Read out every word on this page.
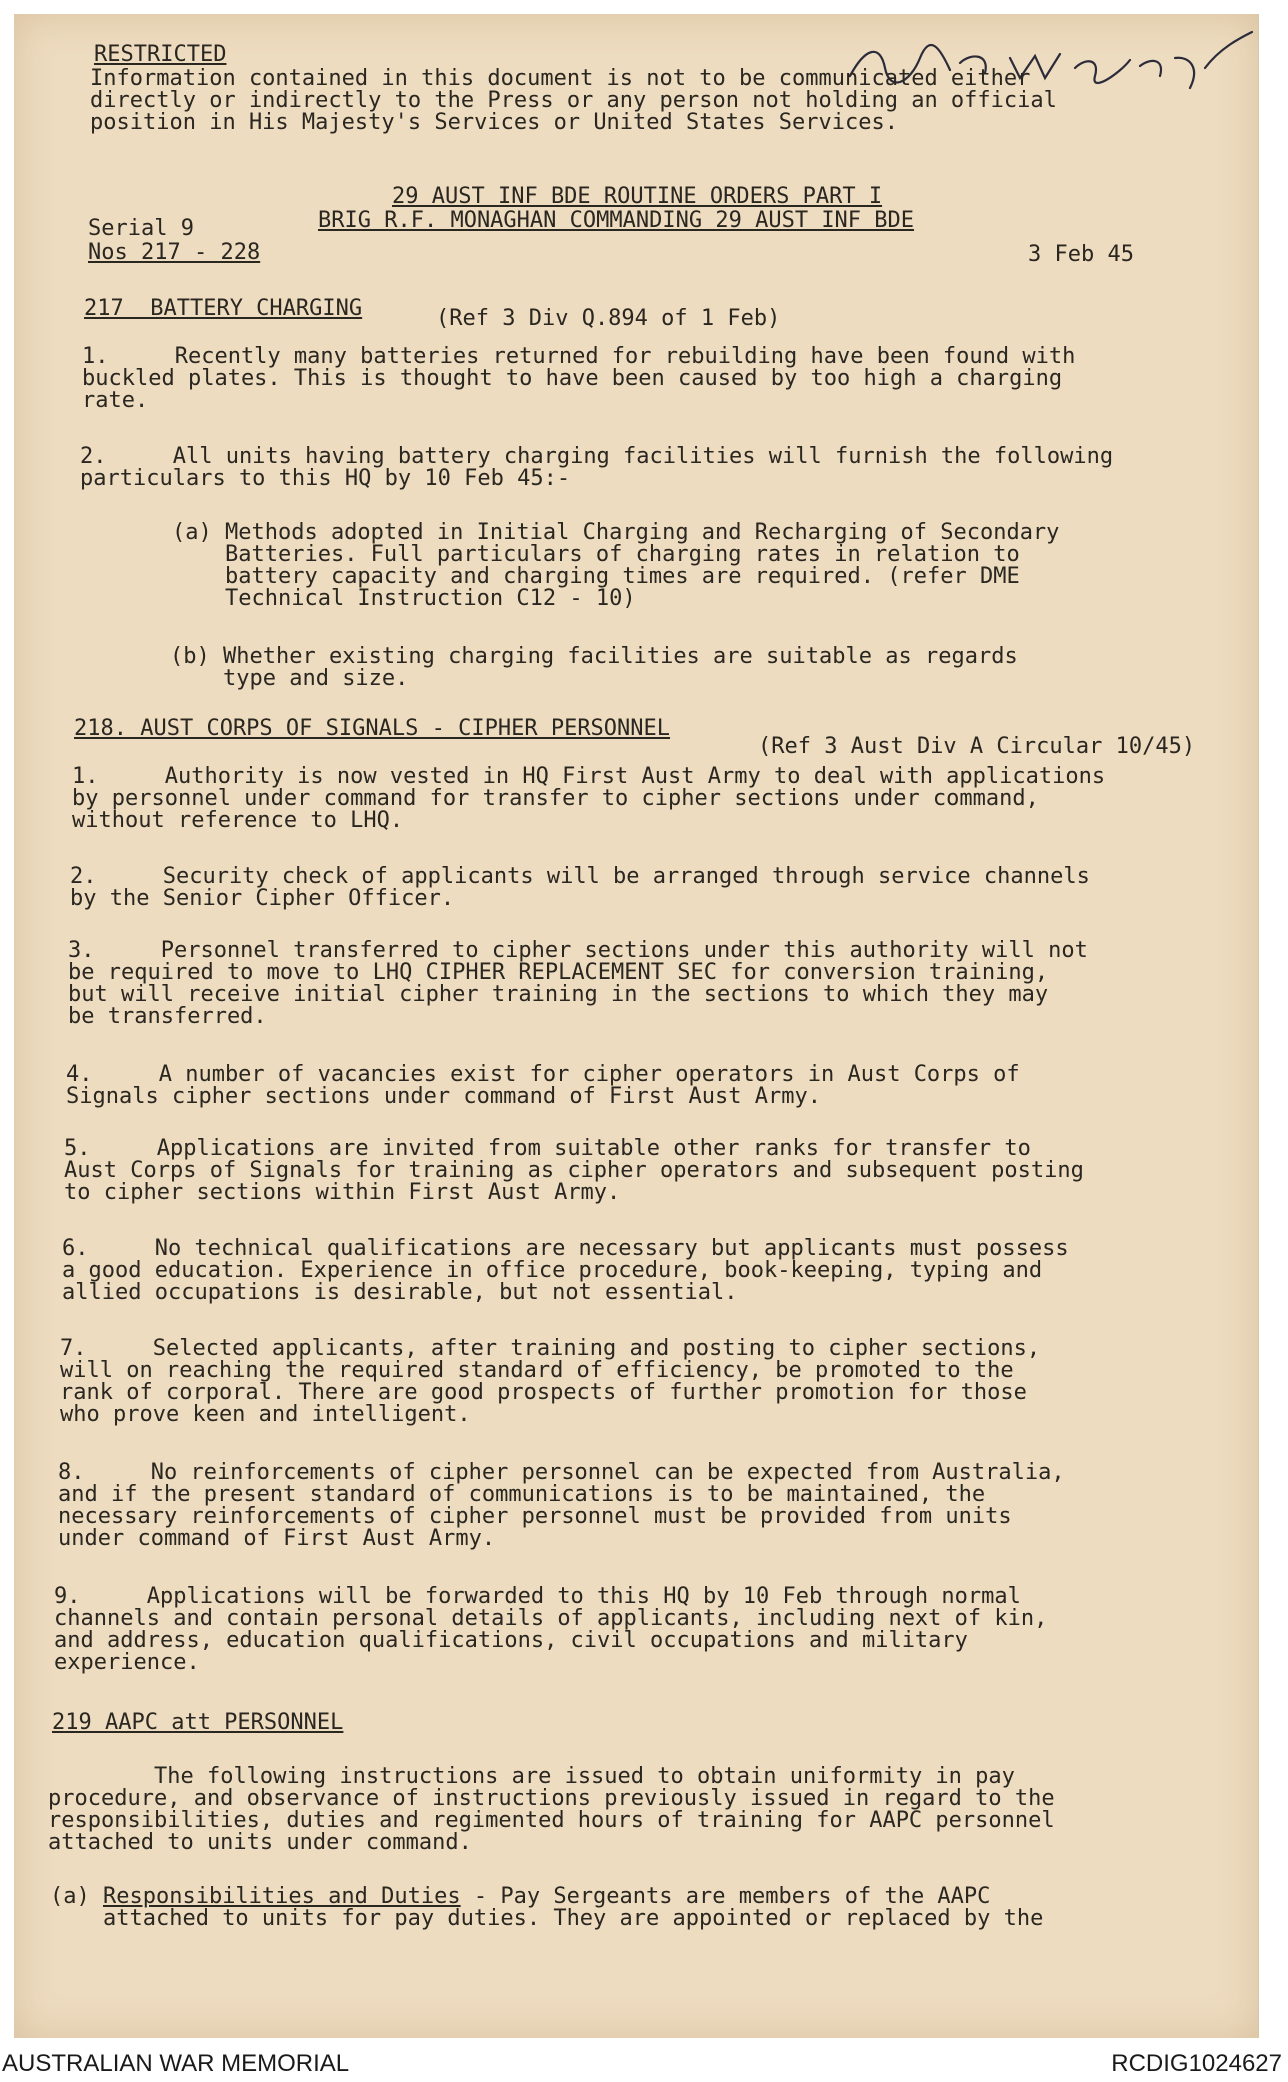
RESTRICTED
Information contained in this document is not to be communicated either
directly or indirectly to the Press or any person not holding an official
position in His Majesty's Services or United States Services.
29 AUST INF BDE ROUTINE ORDERS PART I
BRIG R.F. MONAGHAN COMMANDING 29 AUST INF BDE
Serial 9
Nos 217 - 228	3 Feb 45
217  BATTERY CHARGING	(Ref 3 Div Q.894 of 1 Feb)
1.     Recently many batteries returned for rebuilding have been found with
buckled plates. This is thought to have been caused by too high a charging
rate.
2.     All units having battery charging facilities will furnish the following
particulars to this HQ by 10 Feb 45:-
(a) Methods adopted in Initial Charging and Recharging of Secondary
Batteries. Full particulars of charging rates in relation to
battery capacity and charging times are required. (refer DME
Technical Instruction C12 - 10)
(b) Whether existing charging facilities are suitable as regards
type and size.
218. AUST CORPS OF SIGNALS - CIPHER PERSONNEL
(Ref 3 Aust Div A Circular 10/45)
1.     Authority is now vested in HQ First Aust Army to deal with applications
by personnel under command for transfer to cipher sections under command,
without reference to LHQ.
2.     Security check of applicants will be arranged through service channels
by the Senior Cipher Officer.
3.     Personnel transferred to cipher sections under this authority will not
be required to move to LHQ CIPHER REPLACEMENT SEC for conversion training,
but will receive initial cipher training in the sections to which they may
be transferred.
4.     A number of vacancies exist for cipher operators in Aust Corps of
Signals cipher sections under command of First Aust Army.
5.     Applications are invited from suitable other ranks for transfer to
Aust Corps of Signals for training as cipher operators and subsequent posting
to cipher sections within First Aust Army.
6.     No technical qualifications are necessary but applicants must possess
a good education. Experience in office procedure, book-keeping, typing and
allied occupations is desirable, but not essential.
7.     Selected applicants, after training and posting to cipher sections,
will on reaching the required standard of efficiency, be promoted to the
rank of corporal. There are good prospects of further promotion for those
who prove keen and intelligent.
8.     No reinforcements of cipher personnel can be expected from Australia,
and if the present standard of communications is to be maintained, the
necessary reinforcements of cipher personnel must be provided from units
under command of First Aust Army.
9.     Applications will be forwarded to this HQ by 10 Feb through normal
channels and contain personal details of applicants, including next of kin,
and address, education qualifications, civil occupations and military
experience.
219 AAPC att PERSONNEL
The following instructions are issued to obtain uniformity in pay
procedure, and observance of instructions previously issued in regard to the
responsibilities, duties and regimented hours of training for AAPC personnel
attached to units under command.
(a) Responsibilities and Duties - Pay Sergeants are members of the AAPC
attached to units for pay duties. They are appointed or replaced by the
AUSTRALIAN WAR MEMORIAL	RCDIG1024627
